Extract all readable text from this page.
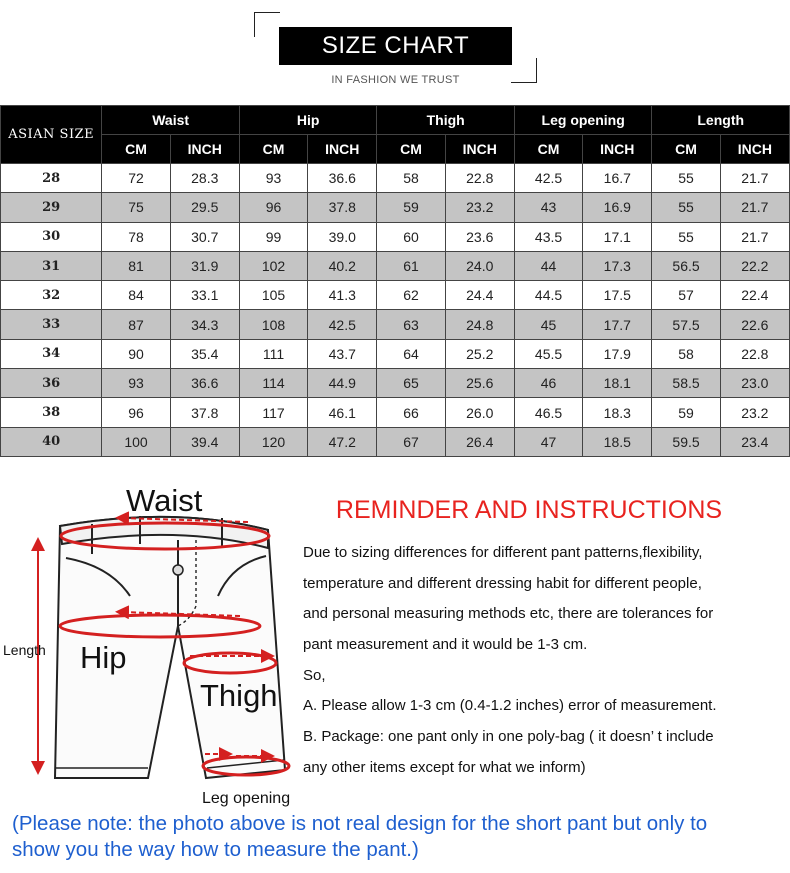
SIZE CHART
IN FASHION WE TRUST
ASIAN SIZE	Waist		Hip		Thigh		Leg opening		Length	
	CM	INCH	CM	INCH	CM	INCH	CM	INCH	CM	INCH
28	72	28.3	93	36.6	58	22.8	42.5	16.7	55	21.7
29	75	29.5	96	37.8	59	23.2	43	16.9	55	21.7
30	78	30.7	99	39.0	60	23.6	43.5	17.1	55	21.7
31	81	31.9	102	40.2	61	24.0	44	17.3	56.5	22.2
32	84	33.1	105	41.3	62	24.4	44.5	17.5	57	22.4
33	87	34.3	108	42.5	63	24.8	45	17.7	57.5	22.6
34	90	35.4	111	43.7	64	25.2	45.5	17.9	58	22.8
36	93	36.6	114	44.9	65	25.6	46	18.1	58.5	23.0
38	96	37.8	117	46.1	66	26.0	46.5	18.3	59	23.2
40	100	39.4	120	47.2	67	26.4	47	18.5	59.5	23.4
Waist
Hip
Thigh
Length
Leg opening
REMINDER AND INSTRUCTIONS
Due to sizing differences for different pant patterns,flexibility,
temperature and different dressing habit for different people,
and personal measuring methods etc, there are tolerances for
pant measurement and it would be 1-3 cm.
So,
A. Please allow 1-3 cm (0.4-1.2 inches) error of measurement.
B. Package: one pant only in one poly-bag ( it doesn’ t include
any other items except for what we inform)
(Please note: the photo above is not real design for the short pant but only to
show you the way how to measure the pant.)
